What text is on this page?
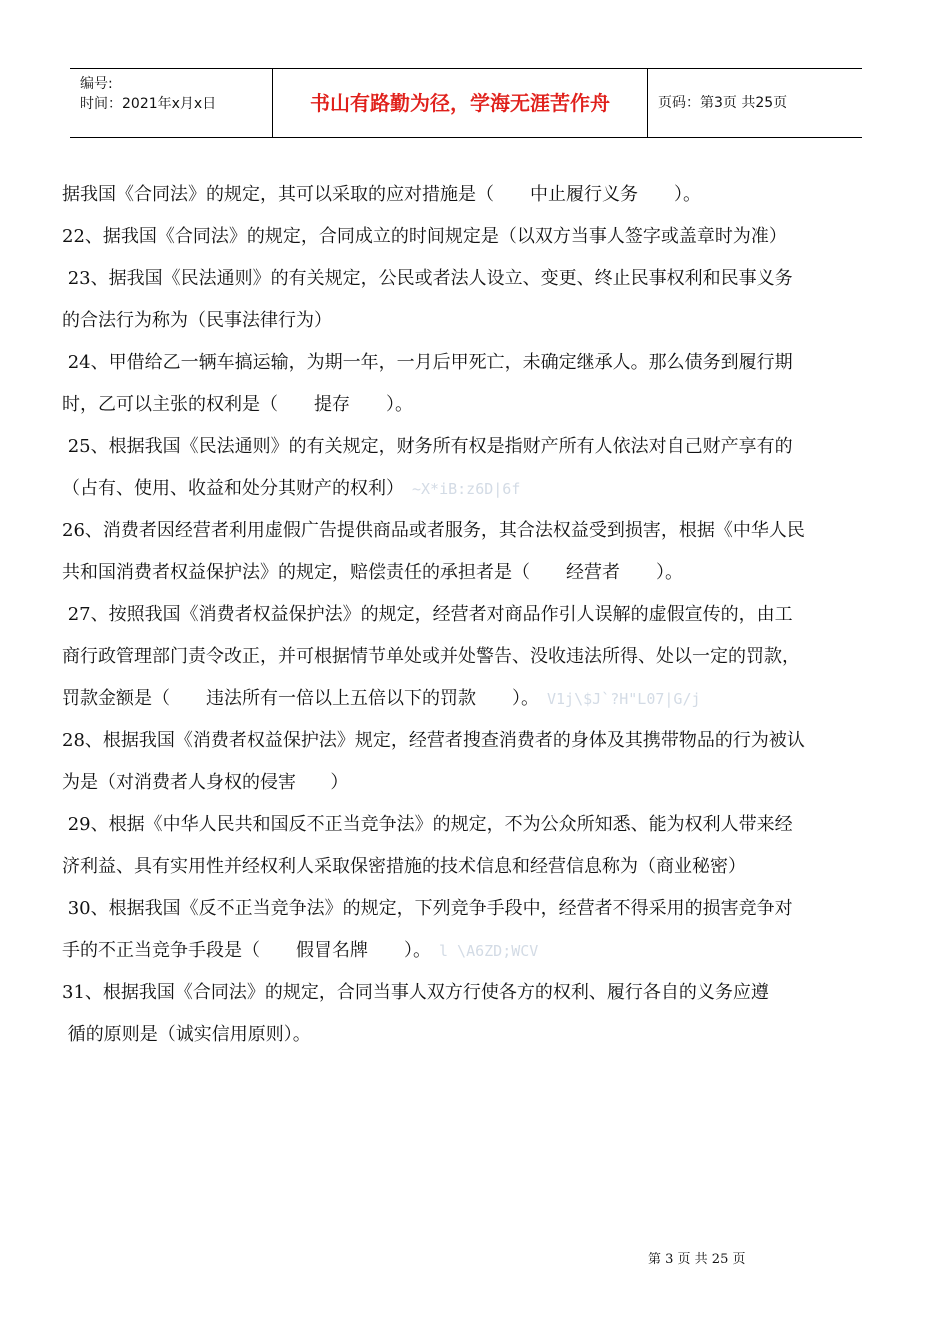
编号:
时间：2021年x月x日	书山有路勤为径，学海无涯苦作舟	页码：第3页 共25页
据我国《合同法》的规定，其可以采取的应对措施是（ 中止履行义务 ）。
22、据我国《合同法》的规定，合同成立的时间规定是（以双方当事人签字或盖章时为准）
23、据我国《民法通则》的有关规定，公民或者法人设立、变更、终止民事权利和民事义务
的合法行为称为（民事法律行为）
24、甲借给乙一辆车搞运输，为期一年，一月后甲死亡，未确定继承人。那么债务到履行期
时，乙可以主张的权利是（ 提存 ）。
25、根据我国《民法通则》的有关规定，财务所有权是指财产所有人依法对自己财产享有的
（占有、使用、收益和处分其财产的权利） ~X*iB:z6D|6f
26、消费者因经营者利用虚假广告提供商品或者服务，其合法权益受到损害，根据《中华人民
共和国消费者权益保护法》的规定，赔偿责任的承担者是（ 经营者 ）。
27、按照我国《消费者权益保护法》的规定，经营者对商品作引人误解的虚假宣传的，由工
商行政管理部门责令改正，并可根据情节单处或并处警告、没收违法所得、处以一定的罚款，
罚款金额是（ 违法所有一倍以上五倍以下的罚款 ）。 V1j\$J`?H"L07|G/j
28、根据我国《消费者权益保护法》规定，经营者搜查消费者的身体及其携带物品的行为被认
为是（对消费者人身权的侵害      ）
29、根据《中华人民共和国反不正当竞争法》的规定，不为公众所知悉、能为权利人带来经
济利益、具有实用性并经权利人采取保密措施的技术信息和经营信息称为（商业秘密）
30、根据我国《反不正当竞争法》的规定，下列竞争手段中，经营者不得采用的损害竞争对
手的不正当竞争手段是（ 假冒名牌 ）。 l \A6ZD;WCV
31、根据我国《合同法》的规定，合同当事人双方行使各方的权利、履行各自的义务应遵
循的原则是（诚实信用原则）。
第 3 页 共 25 页
